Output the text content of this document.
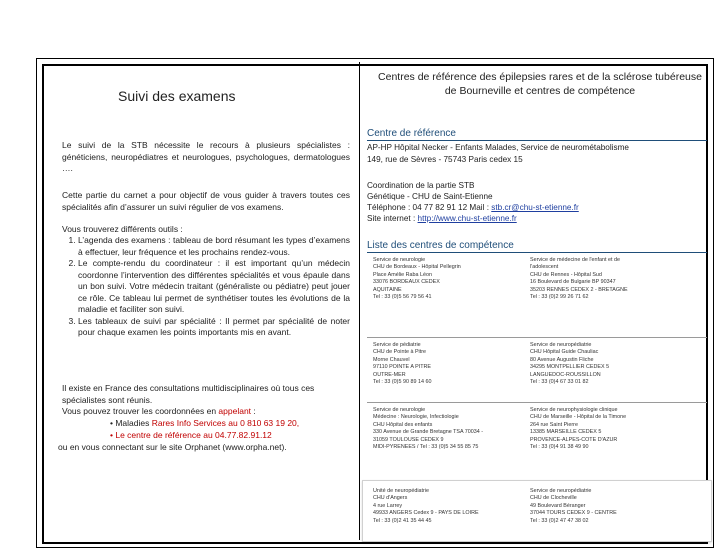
Suivi des examens
Le suivi de la STB nécessite le recours à plusieurs spécialistes : généticiens, neuropédiatres et neurologues, psychologues, dermatologues ….
Cette partie du carnet a pour objectif de vous guider à travers toutes ces spécialités afin d’assurer un suivi régulier de vos examens.
Vous trouverez différents outils :
1. L’agenda des examens : tableau de bord résumant les types d’examens à effectuer, leur fréquence et les prochains rendez-vous.
2. Le compte-rendu du coordinateur : il est important qu’un médecin coordonne l’intervention des différentes spécialités et vous épaule dans un bon suivi. Votre médecin traitant (généraliste ou pédiatre) peut jouer ce rôle. Ce tableau lui permet de synthétiser toutes les évolutions de la maladie et faciliter son suivi.
3. Les tableaux de suivi par spécialité : Il permet par spécialité de noter pour chaque examen les points importants mis en avant.
Il existe en France des consultations multidisciplinaires où tous ces spécialistes sont réunis.
Vous pouvez trouver les coordonnées en appelant :
• Maladies Rares Info Services au 0 810 63 19 20,
• Le centre de référence au 04.77.82.91.12
ou en vous connectant sur le site Orphanet (www.orpha.net).
Centres de référence des épilepsies rares et de la sclérose tubéreuse de Bourneville et centres de compétence
Centre de référence
AP-HP Hôpital Necker - Enfants Malades, Service de neurométabolisme
149, rue de Sèvres - 75743 Paris cedex 15
Coordination de la partie STB
Génétique - CHU de Saint-Etienne
Téléphone : 04 77 82 91 12 Mail : stb.cr@chu-st-etienne.fr
Site internet : http://www.chu-st-etienne.fr
Liste des centres de compétence
Service de neurologie
CHU de Bordeaux - Hôpital Pellegrin
Place Amélie Raba Léon
33076 BORDEAUX CEDEX
AQUITAINE
Tel : 33 (0)5 56 79 56 41
Service de médecine de l'enfant et de
l'adolescent
CHU de Rennes - Hôpital Sud
16 Boulevard de Bulgarie BP 90347
35203 RENNES CEDEX 2 - BRETAGNE
Tel : 33 (0)2 99 26 71 62
Service de pédiatrie
CHU de Pointe à Pitre
Morne Chauvel
97110 POINTE A PITRE
OUTRE-MER
Tel : 33 (0)5 90 89 14 60
Service de neuropédiatrie
CHU Hôpital Guide Chauliac
80 Avenue Augustin Fliche
34295 MONTPELLIER CEDEX 5
LANGUEDOC-ROUSSILLON
Tel : 33 (0)4 67 33 01 82
Service de neurologie
Médecine : Neurologie, Infectiologie
CHU Hôpital des enfants
330 Avenue de Grande Bretagne TSA 70034 -
31059 TOULOUSE CEDEX 9
MIDI-PYRENEES / Tel : 33 (0)5 34 55 85 75
Service de neurophysiologie clinique
CHU de Marseille - Hôpital de la Timone
264 rue Saint Pierre
13385 MARSEILLE CEDEX 5
PROVENCE-ALPES-COTE D'AZUR
Tel : 33 (0)4 91 38 49 90
Unité de neuropédiatrie
CHU d'Angers
4 rue Larrey
49933 ANGERS Cedex 9 - PAYS DE LOIRE
Tel : 33 (0)2 41 35 44 45
Service de neuropédiatrie
CHU de Clocheville
49 Boulevard Béranger
37044 TOURS CEDEX 9 - CENTRE
Tel : 33 (0)2 47 47 38 02
